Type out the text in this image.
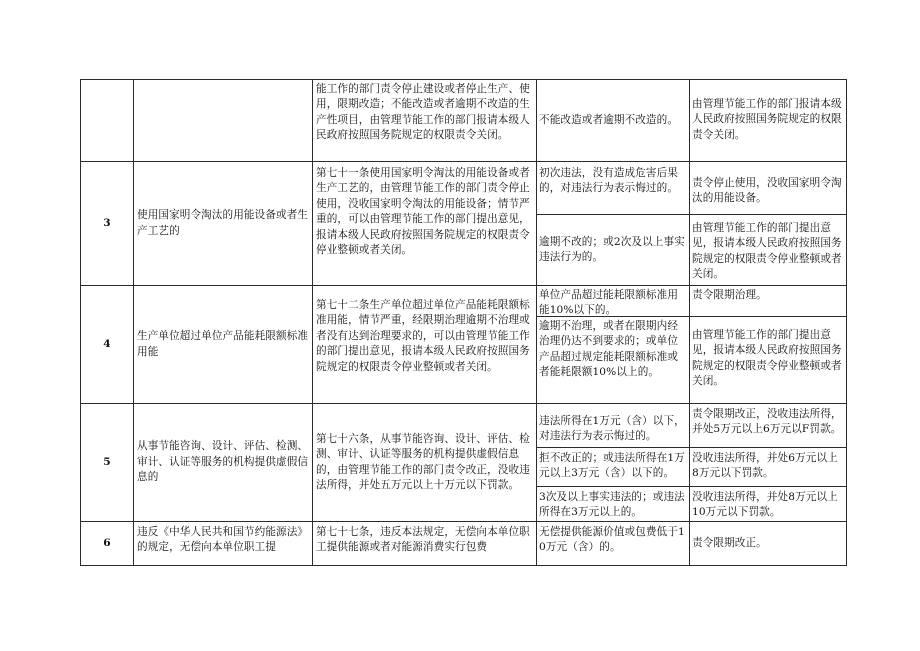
能工作的部门责令停止建设或者停止生产、使用，限期改造；不能改造或者逾期不改造的生产性项目，由管理节能工作的部门报请本级人民政府按照国务院规定的权限责令关闭。
不能改造或者逾期不改造的。
由管理节能工作的部门报请本级人民政府按照国务院规定的权限责令关闭。
3
使用国家明令淘汰的用能设备或者生产工艺的
第七十一条使用国家明令淘汰的用能设备或者生产工艺的，由管理节能工作的部门责令停止使用，没收国家明令淘汰的用能设备；情节严重的，可以由管理节能工作的部门提出意见，报请本级人民政府按照国务院规定的权限责令停业整顿或者关闭。
初次违法，没有造成危害后果的，对违法行为表示悔过的。	责令停止使用，没收国家明令淘汰的用能设备。
逾期不改的；或2次及以上事实违法行为的。
由管理节能工作的部门提出意见，报请本级人民政府按照国务院规定的权限责令停业整顿或者关闭。
4
生产单位超过单位产品能耗限额标准用能
第七十二条生产单位超过单位产品能耗限额标准用能，情节严重，经限期治理逾期不治理或者没有达到治理要求的，可以由管理节能工作的部门提出意见，报请本级人民政府按照国务院规定的权限责令停业整顿或者关闭。
单位产品超过能耗限额标准用能10%以下的。
责令限期治理。
逾期不治理，或者在限期内经治理仍达不到要求的；或单位产品超过规定能耗限额标准或者能耗限额10%以上的。
由管理节能工作的部门提出意见，报请本级人民政府按照国务院规定的权限责令停业整顿或者关闭。
5
从事节能咨询、设计、评估、检测、审计、认证等服务的机构提供虚假信息的
第七十六条，从事节能咨询、设计、评估、检测、审计、认证等服务的机构提供虚假信息的，由管理节能工作的部门责令改正，没收违法所得，并处五万元以上十万元以下罚款。
违法所得在1万元（含）以下，对违法行为表示悔过的。
责令限期改正，没收违法所得，并处5万元以上6万元以F罚款。
拒不改正的；或违法所得在1万元以上3万元（含）以下的。
没收违法所得，并处6万元以上8万元以下罚款。
3次及以上事实违法的；或违法所得在3万元以上的。
没收违法所得，并处8万元以上10万元以下罚款。
6
违反《中华人民共和国节约能源法》的规定，无偿向本单位职工提
第七十七条，违反本法规定，无偿向本单位职工提供能源或者对能源消费实行包费
无偿提供能源价值或包费低于10万元（含）的。	责令限期改正。
